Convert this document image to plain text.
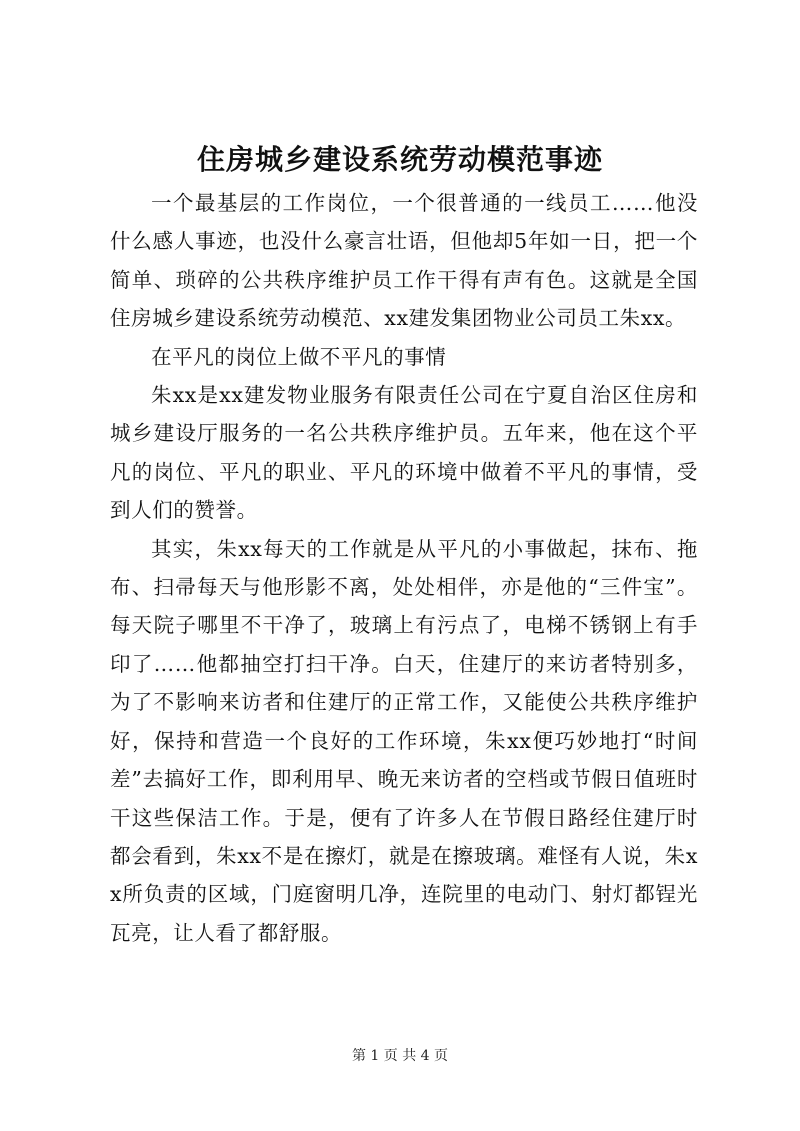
住房城乡建设系统劳动模范事迹

一个最基层的工作岗位，一个很普通的一线员工……他没什么感人事迹，也没什么豪言壮语，但他却5年如一日，把一个简单、琐碎的公共秩序维护员工作干得有声有色。这就是全国住房城乡建设系统劳动模范、xx建发集团物业公司员工朱xx。

在平凡的岗位上做不平凡的事情

朱xx是xx建发物业服务有限责任公司在宁夏自治区住房和城乡建设厅服务的一名公共秩序维护员。五年来，他在这个平凡的岗位、平凡的职业、平凡的环境中做着不平凡的事情，受到人们的赞誉。

其实，朱xx每天的工作就是从平凡的小事做起，抹布、拖布、扫帚每天与他形影不离，处处相伴，亦是他的“三件宝”。每天院子哪里不干净了，玻璃上有污点了，电梯不锈钢上有手印了……他都抽空打扫干净。白天，住建厅的来访者特别多，为了不影响来访者和住建厅的正常工作，又能使公共秩序维护好，保持和营造一个良好的工作环境，朱xx便巧妙地打“时间差”去搞好工作，即利用早、晚无来访者的空档或节假日值班时干这些保洁工作。于是，便有了许多人在节假日路经住建厅时都会看到，朱xx不是在擦灯，就是在擦玻璃。难怪有人说，朱xx所负责的区域，门庭窗明几净，连院里的电动门、射灯都锃光瓦亮，让人看了都舒服。

第 1 页 共 4 页
